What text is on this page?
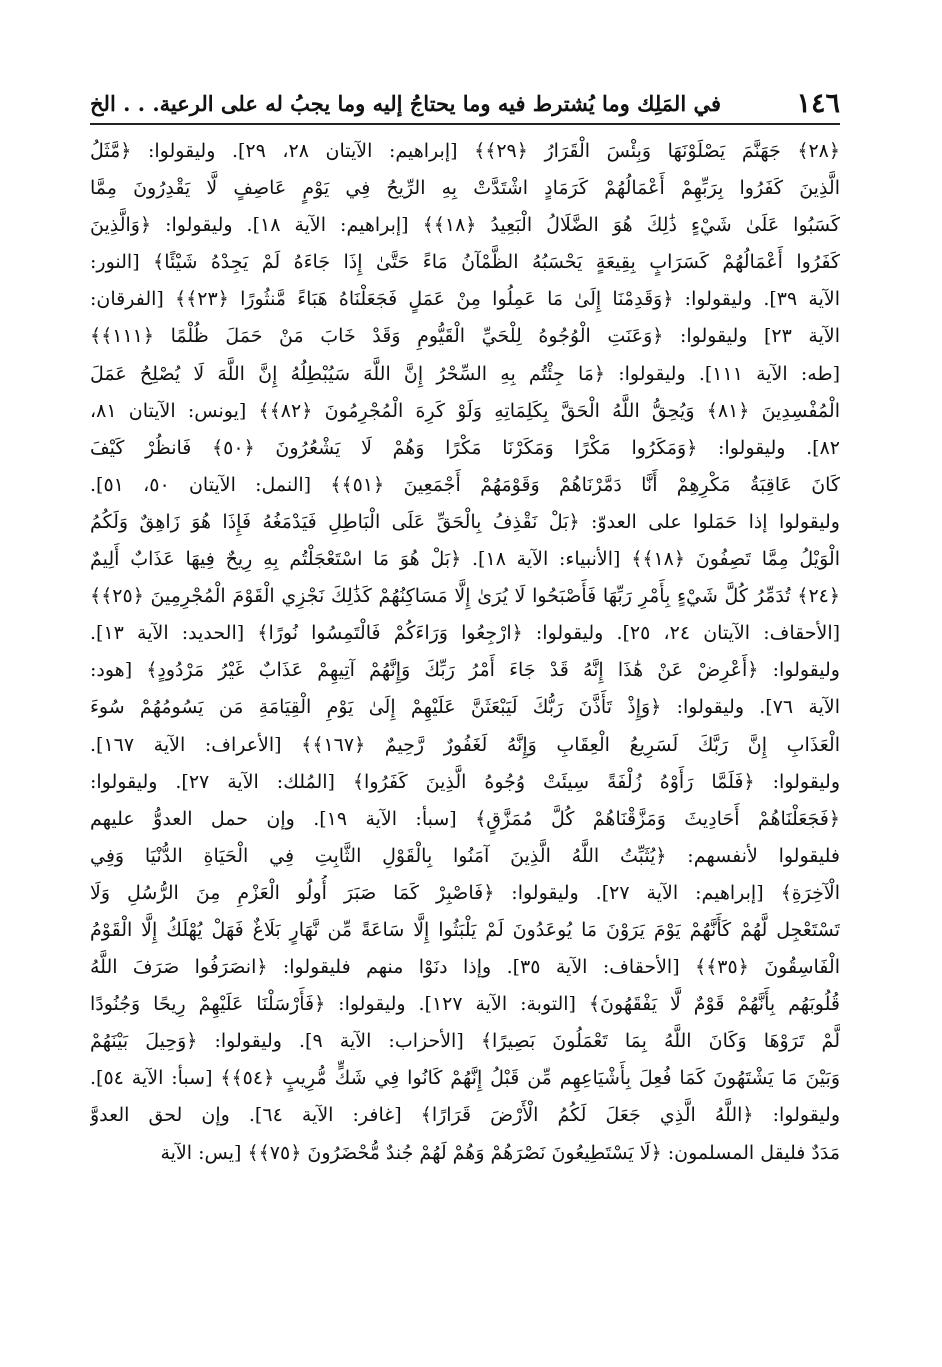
١٤٦
في المَلِك وما يُشترط فيه وما يحتاجُ إليه وما يجبُ له على الرعية. . . الخ
﴿٢٨﴾ جَهَنَّمَ يَصْلَوْنَهَا وَبِئْسَ الْقَرَارُ ﴿٢٩﴾﴾ [إبراهيم: الآيتان ٢٨، ٢٩]. وليقولوا: ﴿مَّثَلُ
الَّذِينَ كَفَرُوا بِرَبِّهِمْ أَعْمَالُهُمْ كَرَمَادٍ اشْتَدَّتْ بِهِ الرِّيحُ فِي يَوْمٍ عَاصِفٍ لَّا يَقْدِرُونَ مِمَّا
كَسَبُوا عَلَىٰ شَيْءٍ ذَٰلِكَ هُوَ الضَّلَالُ الْبَعِيدُ ﴿١٨﴾﴾ [إبراهيم: الآية ١٨]. وليقولوا: ﴿وَالَّذِينَ
كَفَرُوا أَعْمَالُهُمْ كَسَرَابٍ بِقِيعَةٍ يَحْسَبُهُ الظَّمْآنُ مَاءً حَتَّىٰ إِذَا جَاءَهُ لَمْ يَجِدْهُ شَيْئًا﴾ [النور:
الآية ٣٩]. وليقولوا: ﴿وَقَدِمْنَا إِلَىٰ مَا عَمِلُوا مِنْ عَمَلٍ فَجَعَلْنَاهُ هَبَاءً مَّنثُورًا ﴿٢٣﴾﴾ [الفرقان:
الآية ٢٣] وليقولوا: ﴿وَعَنَتِ الْوُجُوهُ لِلْحَيِّ الْقَيُّومِ وَقَدْ خَابَ مَنْ حَمَلَ ظُلْمًا ﴿١١١﴾﴾
[طه: الآية ١١١]. وليقولوا: ﴿مَا جِئْتُم بِهِ السِّحْرُ إِنَّ اللَّهَ سَيُبْطِلُهُ إِنَّ اللَّهَ لَا يُصْلِحُ عَمَلَ
الْمُفْسِدِينَ ﴿٨١﴾ وَيُحِقُّ اللَّهُ الْحَقَّ بِكَلِمَاتِهِ وَلَوْ كَرِهَ الْمُجْرِمُونَ ﴿٨٢﴾﴾ [يونس: الآيتان ٨١،
٨٢]. وليقولوا: ﴿وَمَكَرُوا مَكْرًا وَمَكَرْنَا مَكْرًا وَهُمْ لَا يَشْعُرُونَ ﴿٥٠﴾ فَانظُرْ كَيْفَ
كَانَ عَاقِبَةُ مَكْرِهِمْ أَنَّا دَمَّرْنَاهُمْ وَقَوْمَهُمْ أَجْمَعِينَ ﴿٥١﴾﴾ [النمل: الآيتان ٥٠، ٥١].
وليقولوا إذا حَمَلوا على العدوّ: ﴿بَلْ نَقْذِفُ بِالْحَقِّ عَلَى الْبَاطِلِ فَيَدْمَغُهُ فَإِذَا هُوَ زَاهِقٌ وَلَكُمُ
الْوَيْلُ مِمَّا تَصِفُونَ ﴿١٨﴾﴾ [الأنبياء: الآية ١٨]. ﴿بَلْ هُوَ مَا اسْتَعْجَلْتُم بِهِ رِيحٌ فِيهَا عَذَابٌ أَلِيمٌ
﴿٢٤﴾ تُدَمِّرُ كُلَّ شَيْءٍ بِأَمْرِ رَبِّهَا فَأَصْبَحُوا لَا يُرَىٰ إِلَّا مَسَاكِنُهُمْ كَذَٰلِكَ نَجْزِي الْقَوْمَ الْمُجْرِمِينَ ﴿٢٥﴾﴾
[الأحقاف: الآيتان ٢٤، ٢٥]. وليقولوا: ﴿ارْجِعُوا وَرَاءَكُمْ فَالْتَمِسُوا نُورًا﴾ [الحديد: الآية ١٣].
وليقولوا: ﴿أَعْرِضْ عَنْ هَٰذَا إِنَّهُ قَدْ جَاءَ أَمْرُ رَبِّكَ وَإِنَّهُمْ آتِيهِمْ عَذَابٌ غَيْرُ مَرْدُودٍ﴾ [هود:
الآية ٧٦]. وليقولوا: ﴿وَإِذْ تَأَذَّنَ رَبُّكَ لَيَبْعَثَنَّ عَلَيْهِمْ إِلَىٰ يَوْمِ الْقِيَامَةِ مَن يَسُومُهُمْ سُوءَ
الْعَذَابِ إِنَّ رَبَّكَ لَسَرِيعُ الْعِقَابِ وَإِنَّهُ لَغَفُورٌ رَّحِيمٌ ﴿١٦٧﴾﴾ [الأعراف: الآية ١٦٧].
وليقولوا: ﴿فَلَمَّا رَأَوْهُ زُلْفَةً سِيئَتْ وُجُوهُ الَّذِينَ كَفَرُوا﴾ [المُلك: الآية ٢٧]. وليقولوا:
﴿فَجَعَلْنَاهُمْ أَحَادِيثَ وَمَزَّقْنَاهُمْ كُلَّ مُمَزَّقٍ﴾ [سبأ: الآية ١٩]. وإن حمل العدوُّ عليهم
فليقولوا لأنفسهم: ﴿يُثَبِّتُ اللَّهُ الَّذِينَ آمَنُوا بِالْقَوْلِ الثَّابِتِ فِي الْحَيَاةِ الدُّنْيَا وَفِي
الْآخِرَةِ﴾ [إبراهيم: الآية ٢٧]. وليقولوا: ﴿فَاصْبِرْ كَمَا صَبَرَ أُولُو الْعَزْمِ مِنَ الرُّسُلِ وَلَا
تَسْتَعْجِل لَّهُمْ كَأَنَّهُمْ يَوْمَ يَرَوْنَ مَا يُوعَدُونَ لَمْ يَلْبَثُوا إِلَّا سَاعَةً مِّن نَّهَارٍ بَلَاغٌ فَهَلْ يُهْلَكُ إِلَّا الْقَوْمُ
الْفَاسِقُونَ ﴿٣٥﴾﴾ [الأحقاف: الآية ٣٥]. وإذا دنَوْا منهم فليقولوا: ﴿انصَرَفُوا صَرَفَ اللَّهُ
قُلُوبَهُم بِأَنَّهُمْ قَوْمٌ لَّا يَفْقَهُونَ﴾ [التوبة: الآية ١٢٧]. وليقولوا: ﴿فَأَرْسَلْنَا عَلَيْهِمْ رِيحًا وَجُنُودًا
لَّمْ تَرَوْهَا وَكَانَ اللَّهُ بِمَا تَعْمَلُونَ بَصِيرًا﴾ [الأحزاب: الآية ٩]. وليقولوا: ﴿وَحِيلَ بَيْنَهُمْ
وَبَيْنَ مَا يَشْتَهُونَ كَمَا فُعِلَ بِأَشْيَاعِهِم مِّن قَبْلُ إِنَّهُمْ كَانُوا فِي شَكٍّ مُّرِيبٍ ﴿٥٤﴾﴾ [سبأ: الآية ٥٤].
وليقولوا: ﴿اللَّهُ الَّذِي جَعَلَ لَكُمُ الْأَرْضَ قَرَارًا﴾ [غافر: الآية ٦٤]. وإن لحق العدوَّ
مَدَدٌ فليقل المسلمون: ﴿لَا يَسْتَطِيعُونَ نَصْرَهُمْ وَهُمْ لَهُمْ جُندٌ مُّحْضَرُونَ ﴿٧٥﴾﴾ [يس: الآية
